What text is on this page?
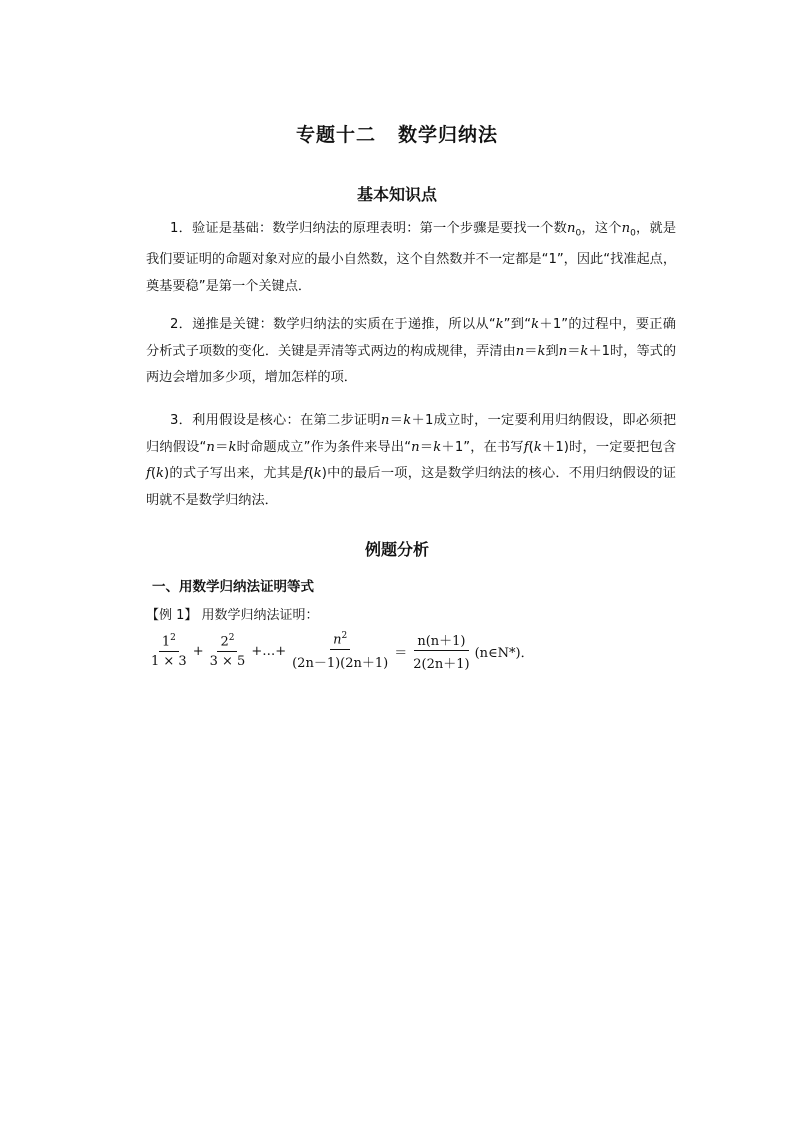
专题十二 数学归纳法
基本知识点
1．验证是基础：数学归纳法的原理表明：第一个步骤是要找一个数$n_0$，这个$n_0$，就是我们要证明的命题对象对应的最小自然数，这个自然数并不一定都是“1”，因此“找准起点，奠基要稳”是第一个关键点．
2．递推是关键：数学归纳法的实质在于递推，所以从“k”到“k＋1”的过程中，要正确分析式子项数的变化．关键是弄清等式两边的构成规律，弄清由n＝k到n＝k＋1时，等式的两边会增加多少项，增加怎样的项．
3．利用假设是核心：在第二步证明n＝k＋1成立时，一定要利用归纳假设，即必须把归纳假设“n＝k时命题成立”作为条件来导出“n＝k＋1”，在书写f(k＋1)时，一定要把包含f(k)的式子写出来，尤其是f(k)中的最后一项，这是数学归纳法的核心．不用归纳假设的证明就不是数学归纳法．
例题分析
一、用数学归纳法证明等式
【例 1】 用数学归纳法证明：
$\frac{1^2}{1 \times 3} + \frac{2^2}{3 \times 5}$ +…+ $\frac{n^2}{(2n-1)(2n+1)} = \frac{n(n+1)}{2(2n+1)}$ (n∈N*)．
